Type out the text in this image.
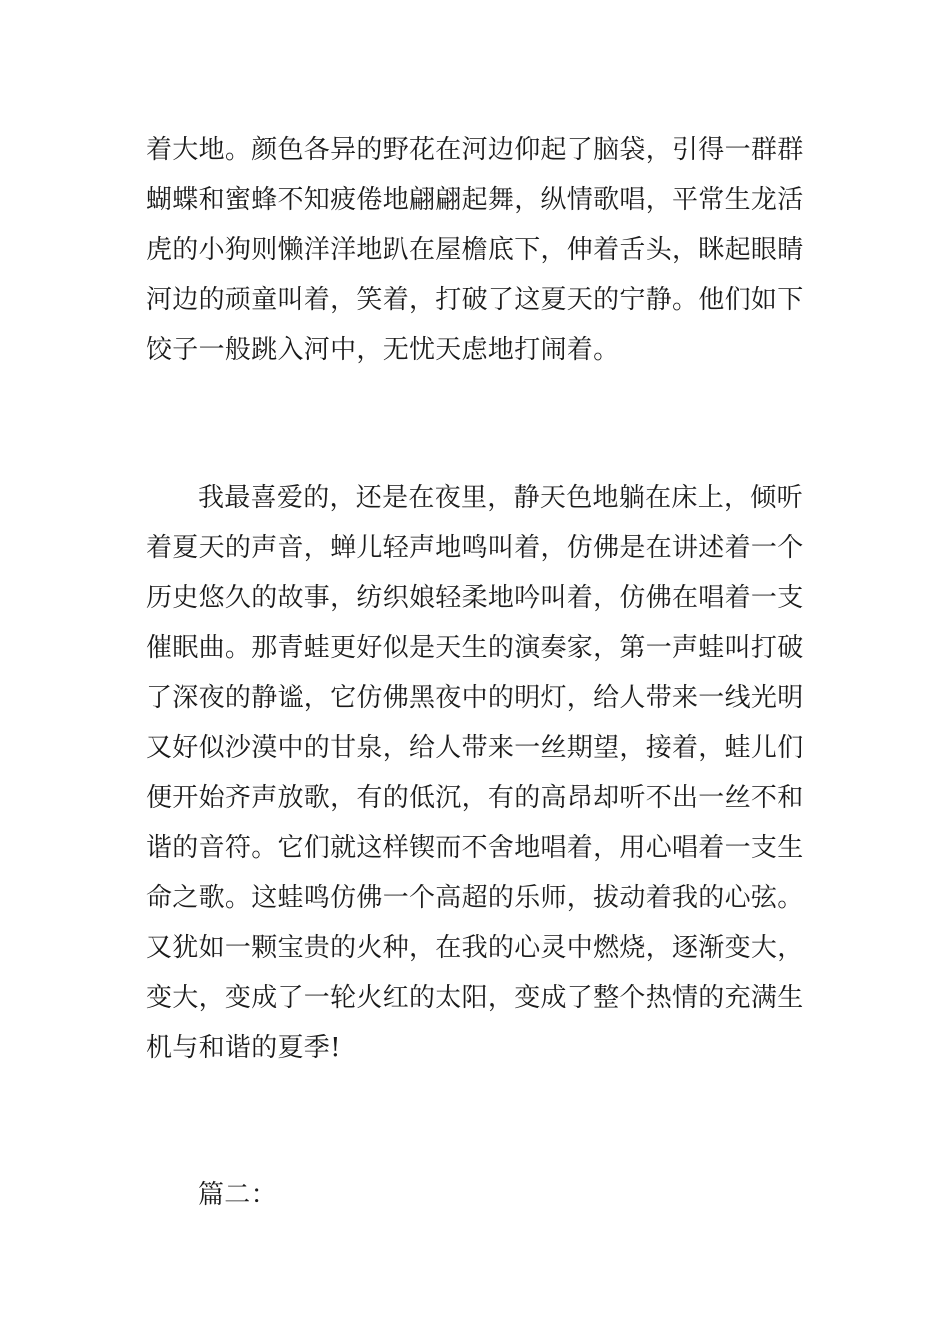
着大地。颜色各异的野花在河边仰起了脑袋，引得一群群
蝴蝶和蜜蜂不知疲倦地翩翩起舞，纵情歌唱，平常生龙活
虎的小狗则懒洋洋地趴在屋檐底下，伸着舌头，眯起眼睛
河边的顽童叫着，笑着，打破了这夏天的宁静。他们如下
饺子一般跳入河中，无忧天虑地打闹着。
我最喜爱的，还是在夜里，静天色地躺在床上，倾听
着夏天的声音，蝉儿轻声地鸣叫着，仿佛是在讲述着一个
历史悠久的故事，纺织娘轻柔地吟叫着，仿佛在唱着一支
催眠曲。那青蛙更好似是天生的演奏家，第一声蛙叫打破
了深夜的静谧，它仿佛黑夜中的明灯，给人带来一线光明
又好似沙漠中的甘泉，给人带来一丝期望，接着，蛙儿们
便开始齐声放歌，有的低沉，有的高昂却听不出一丝不和
谐的音符。它们就这样锲而不舍地唱着，用心唱着一支生
命之歌。这蛙鸣仿佛一个高超的乐师，拔动着我的心弦。
又犹如一颗宝贵的火种，在我的心灵中燃烧，逐渐变大，
变大，变成了一轮火红的太阳，变成了整个热情的充满生
机与和谐的夏季!
篇二：
